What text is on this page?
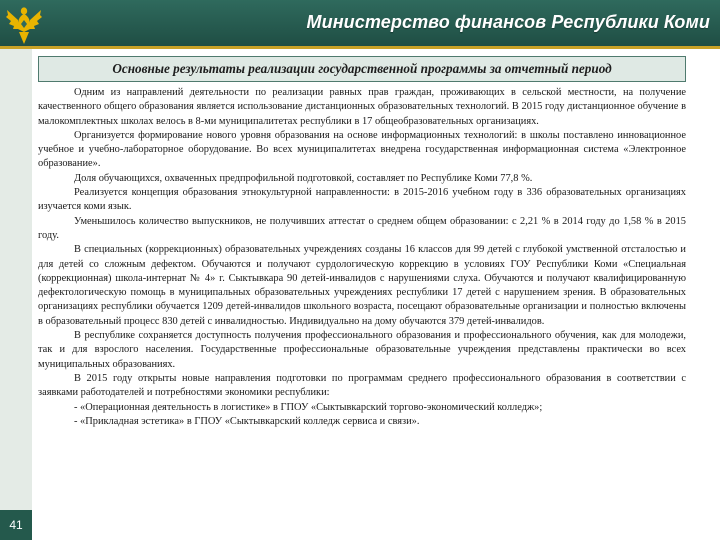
Министерство финансов Республики Коми
41
Основные результаты реализации государственной программы за отчетный период

Одним из направлений деятельности по реализации равных прав граждан, проживающих в сельской местности, на получение качественного общего образования является использование дистанционных образовательных технологий. В 2015 году дистанционное обучение в малокомплектных школах велось в 8-ми муниципалитетах республики в 17 общеобразовательных организациях.

Организуется формирование нового уровня образования на основе информационных технологий: в школы поставлено инновационное учебное и учебно-лабораторное оборудование. Во всех муниципалитетах внедрена государственная информационная система «Электронное образование».

Доля обучающихся, охваченных предпрофильной подготовкой, составляет по Республике Коми 77,8 %.

Реализуется концепция образования этнокультурной направленности: в 2015-2016 учебном году в 336 образовательных организациях изучается коми язык.

Уменьшилось количество выпускников, не получивших аттестат о среднем общем образовании: с 2,21 % в 2014 году до 1,58 % в 2015 году.

В специальных (коррекционных) образовательных учреждениях созданы 16 классов для 99 детей с глубокой умственной отсталостью и для детей со сложным дефектом. Обучаются и получают сурдологическую коррекцию в условиях ГОУ Республики Коми «Специальная (коррекционная) школа-интернат № 4» г. Сыктывкара 90 детей-инвалидов с нарушениями слуха. Обучаются и получают квалифицированную дефектологическую помощь в муниципальных образовательных учреждениях республики 17 детей с нарушением зрения. В образовательных организациях республики обучается 1209 детей-инвалидов школьного возраста, посещают образовательные организации и полностью включены в образовательный процесс 830 детей с инвалидностью. Индивидуально на дому обучаются 379 детей-инвалидов.

В республике сохраняется доступность получения профессионального образования и профессионального обучения, как для молодежи, так и для взрослого населения. Государственные профессиональные образовательные учреждения представлены практически во всех муниципальных образованиях.

В 2015 году открыты новые направления подготовки по программам среднего профессионального образования в соответствии с заявками работодателей и потребностями экономики республики:

- «Операционная деятельность в логистике» в ГПОУ «Сыктывкарский торгово-экономический колледж»;

- «Прикладная эстетика» в ГПОУ «Сыктывкарский колледж сервиса и связи».
